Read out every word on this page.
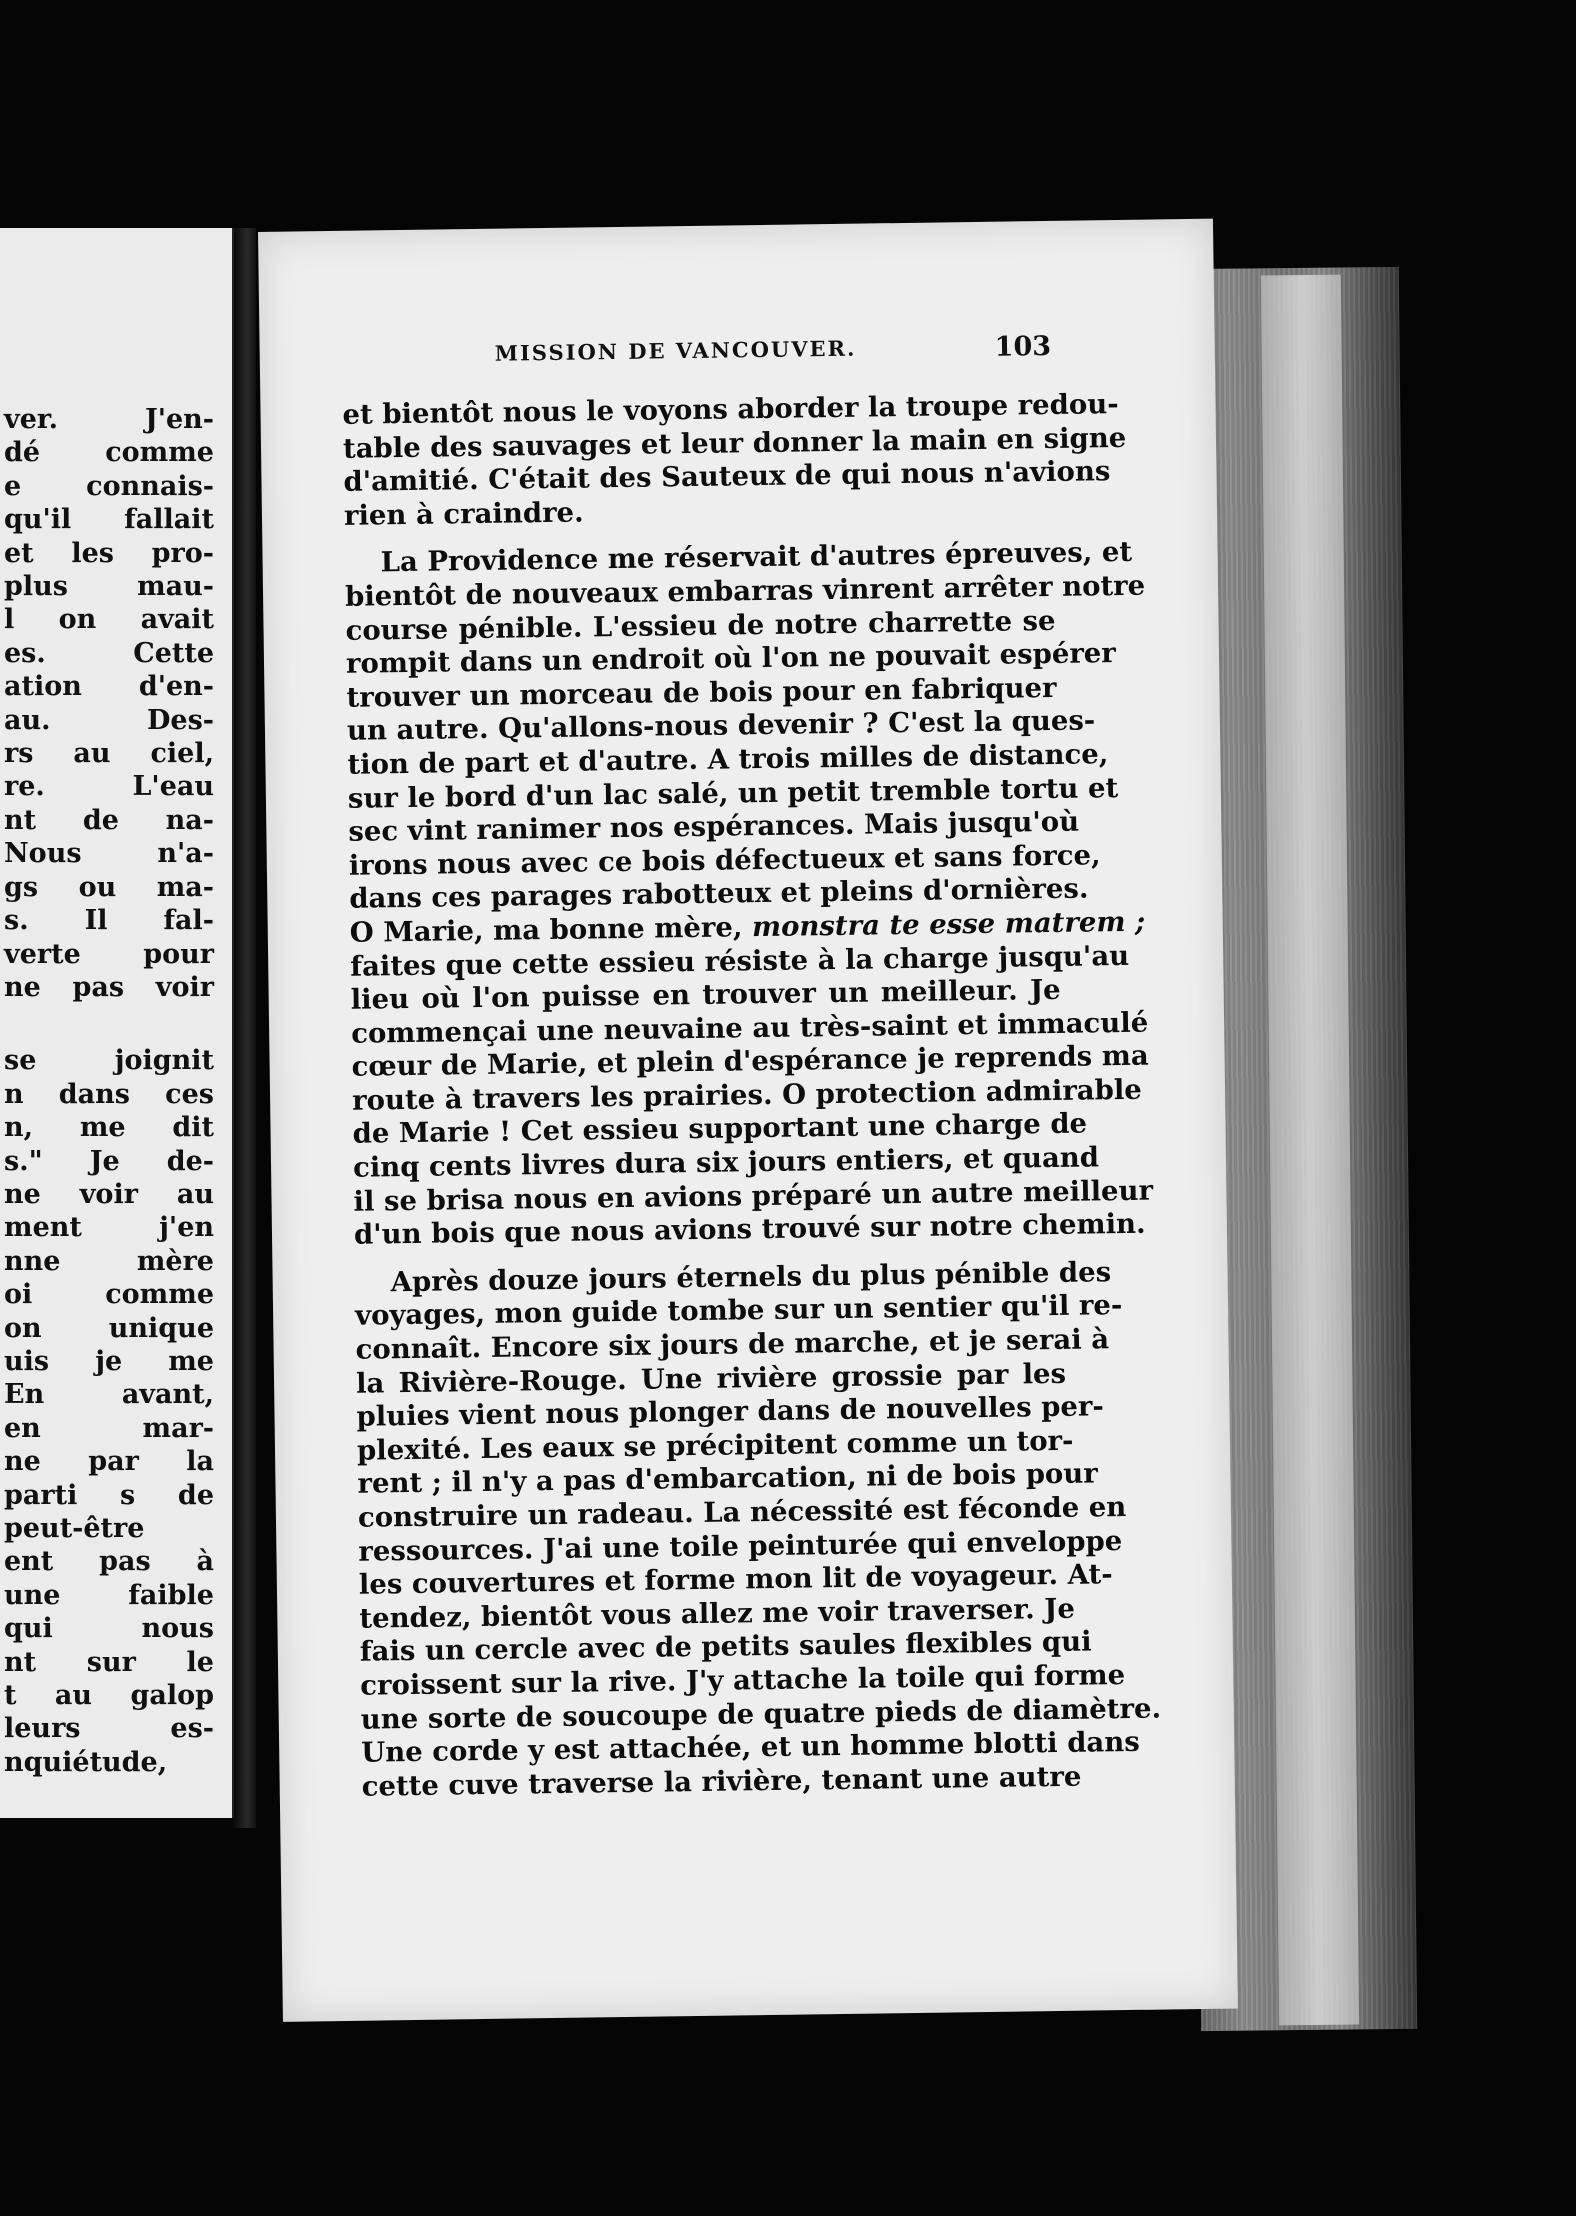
ver. J'en-
dé comme
e connais-
qu'il fallait
et les pro-
plus mau-
l on avait
es. Cette
ation d'en-
au. Des-
rs au ciel,
re. L'eau
nt de na-
Nous n'a-
gs ou ma-
s. Il fal-
verte pour
ne pas voir
se joignit
n dans ces
n, me dit
s." Je de-
ne voir au
ment j'en
nne mère
oi comme
on unique
uis je me
En avant,
en mar-
ne par la
parti s de
peut-être
ent pas à
une faible
qui nous
nt sur le
t au galop
leurs es-
nquiétude,
MISSION DE VANCOUVER.	103
et bientôt nous le voyons aborder la troupe redou-
table des sauvages et leur donner la main en signe
d'amitié. C'était des Sauteux de qui nous n'avions
rien à craindre.
La Providence me réservait d'autres épreuves, et
bientôt de nouveaux embarras vinrent arrêter notre
course pénible. L'essieu de notre charrette se
rompit dans un endroit où l'on ne pouvait espérer
trouver un morceau de bois pour en fabriquer
un autre. Qu'allons-nous devenir ? C'est la ques-
tion de part et d'autre. A trois milles de distance,
sur le bord d'un lac salé, un petit tremble tortu et
sec vint ranimer nos espérances. Mais jusqu'où
irons nous avec ce bois défectueux et sans force,
dans ces parages rabotteux et pleins d'ornières.
O Marie, ma bonne mère, monstra te esse matrem ;
faites que cette essieu résiste à la charge jusqu'au
lieu où l'on puisse en trouver un meilleur. Je
commençai une neuvaine au très-saint et immaculé
cœur de Marie, et plein d'espérance je reprends ma
route à travers les prairies. O protection admirable
de Marie ! Cet essieu supportant une charge de
cinq cents livres dura six jours entiers, et quand
il se brisa nous en avions préparé un autre meilleur
d'un bois que nous avions trouvé sur notre chemin.
Après douze jours éternels du plus pénible des
voyages, mon guide tombe sur un sentier qu'il re-
connaît. Encore six jours de marche, et je serai à
la Rivière-Rouge. Une rivière grossie par les
pluies vient nous plonger dans de nouvelles per-
plexité. Les eaux se précipitent comme un tor-
rent ; il n'y a pas d'embarcation, ni de bois pour
construire un radeau. La nécessité est féconde en
ressources. J'ai une toile peinturée qui enveloppe
les couvertures et forme mon lit de voyageur. At-
tendez, bientôt vous allez me voir traverser. Je
fais un cercle avec de petits saules flexibles qui
croissent sur la rive. J'y attache la toile qui forme
une sorte de soucoupe de quatre pieds de diamètre.
Une corde y est attachée, et un homme blotti dans
cette cuve traverse la rivière, tenant une autre
